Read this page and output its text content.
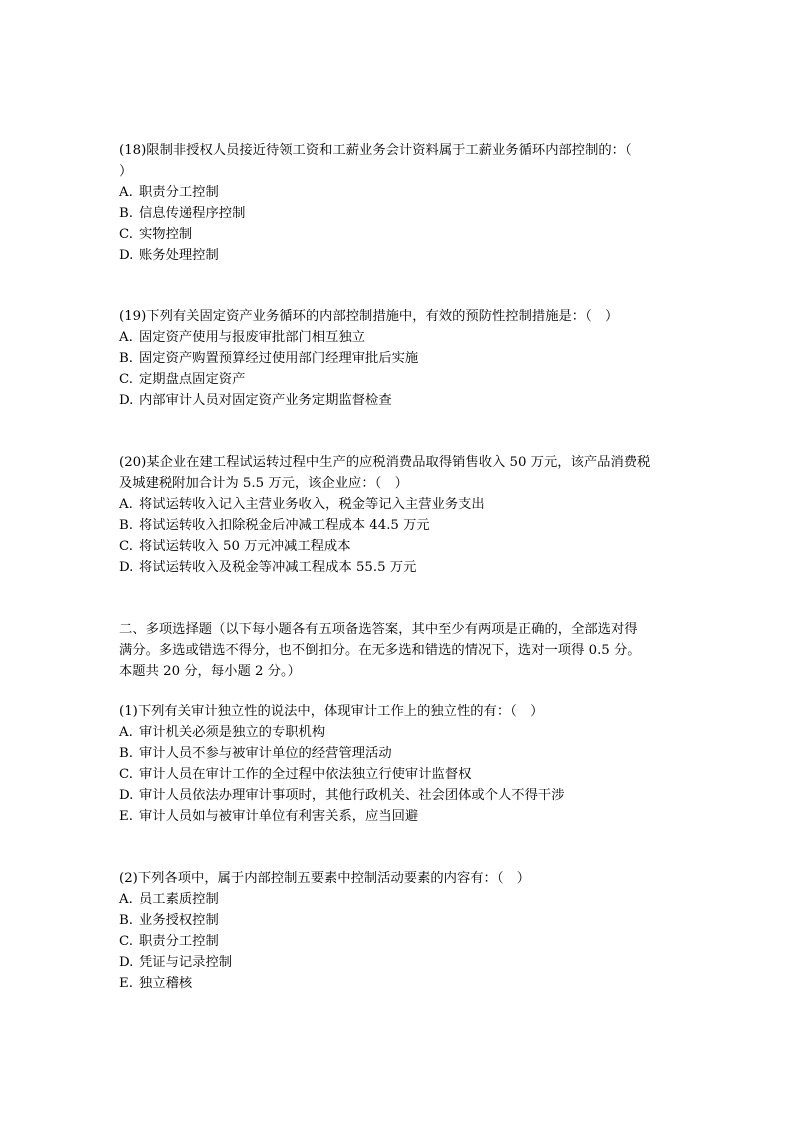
(18)限制非授权人员接近待领工资和工薪业务会计资料属于工薪业务循环内部控制的：（
）
A. 职责分工控制
B. 信息传递程序控制
C. 实物控制
D. 账务处理控制
(19)下列有关固定资产业务循环的内部控制措施中，有效的预防性控制措施是：（　）
A. 固定资产使用与报废审批部门相互独立
B. 固定资产购置预算经过使用部门经理审批后实施
C. 定期盘点固定资产
D. 内部审计人员对固定资产业务定期监督检查
(20)某企业在建工程试运转过程中生产的应税消费品取得销售收入 50 万元，该产品消费税
及城建税附加合计为 5.5 万元，该企业应：（　）
A. 将试运转收入记入主营业务收入，税金等记入主营业务支出
B. 将试运转收入扣除税金后冲减工程成本 44.5 万元
C. 将试运转收入 50 万元冲减工程成本
D. 将试运转收入及税金等冲减工程成本 55.5 万元
二、多项选择题（以下每小题各有五项备选答案，其中至少有两项是正确的，全部选对得
满分。多选或错选不得分，也不倒扣分。在无多选和错选的情况下，选对一项得 0.5 分。
本题共 20 分，每小题 2 分。）
(1)下列有关审计独立性的说法中，体现审计工作上的独立性的有：（　）
A. 审计机关必须是独立的专职机构
B. 审计人员不参与被审计单位的经营管理活动
C. 审计人员在审计工作的全过程中依法独立行使审计监督权
D. 审计人员依法办理审计事项时，其他行政机关、社会团体或个人不得干涉
E. 审计人员如与被审计单位有利害关系，应当回避
(2)下列各项中，属于内部控制五要素中控制活动要素的内容有：（　）
A. 员工素质控制
B. 业务授权控制
C. 职责分工控制
D. 凭证与记录控制
E. 独立稽核
